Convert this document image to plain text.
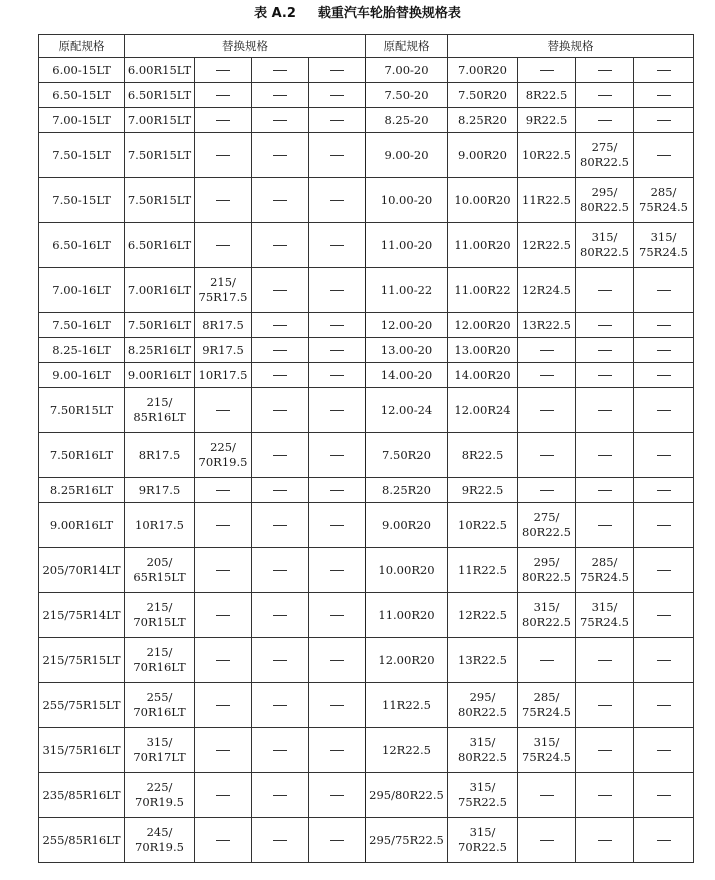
表 A.2 载重汽车轮胎替换规格表
原配规格	替换规格				原配规格	替换规格			
6.00-15LT	6.00R15LT				7.00-20	7.00R20			
6.50-15LT	6.50R15LT				7.50-20	7.50R20	8R22.5		
7.00-15LT	7.00R15LT				8.25-20	8.25R20	9R22.5		
7.50-15LT	7.50R15LT				9.00-20	9.00R20	10R22.5	275/
80R22.5	

7.50-15LT	7.50R15LT				10.00-20	10.00R20	11R22.5	295/
80R22.5	285/
75R24.5

6.50-16LT	6.50R16LT				11.00-20	11.00R20	12R22.5	315/
80R22.5	315/
75R24.5

7.00-16LT	7.00R16LT	215/
75R17.5			11.00-22	11.00R22	12R24.5		
7.50-16LT	7.50R16LT	8R17.5			12.00-20	12.00R20	13R22.5		
8.25-16LT	8.25R16LT	9R17.5			13.00-20	13.00R20			
9.00-16LT	9.00R16LT	10R17.5			14.00-20	14.00R20			
7.50R15LT	215/
85R16LT				12.00-24	12.00R24			
7.50R16LT	8R17.5	225/
70R19.5			7.50R20	8R22.5			
8.25R16LT	9R17.5				8.25R20	9R22.5			
9.00R16LT	10R17.5				9.00R20	10R22.5	275/
80R22.5		

205/70R14LT	205/
65R15LT				10.00R20	11R22.5	295/
80R22.5	285/
75R24.5	

215/75R14LT	215/
70R15LT				11.00R20	12R22.5	315/
80R22.5	315/
75R24.5	

215/75R15LT	215/
70R16LT				12.00R20	13R22.5			
255/75R15LT	255/
70R16LT				11R22.5	295/
80R22.5	285/
75R24.5		

315/75R16LT	315/
70R17LT				12R22.5	315/
80R22.5	315/
75R24.5		

235/85R16LT	225/
70R19.5				295/80R22.5	315/
75R22.5			

255/85R16LT	245/
70R19.5				295/75R22.5	315/
70R22.5			
